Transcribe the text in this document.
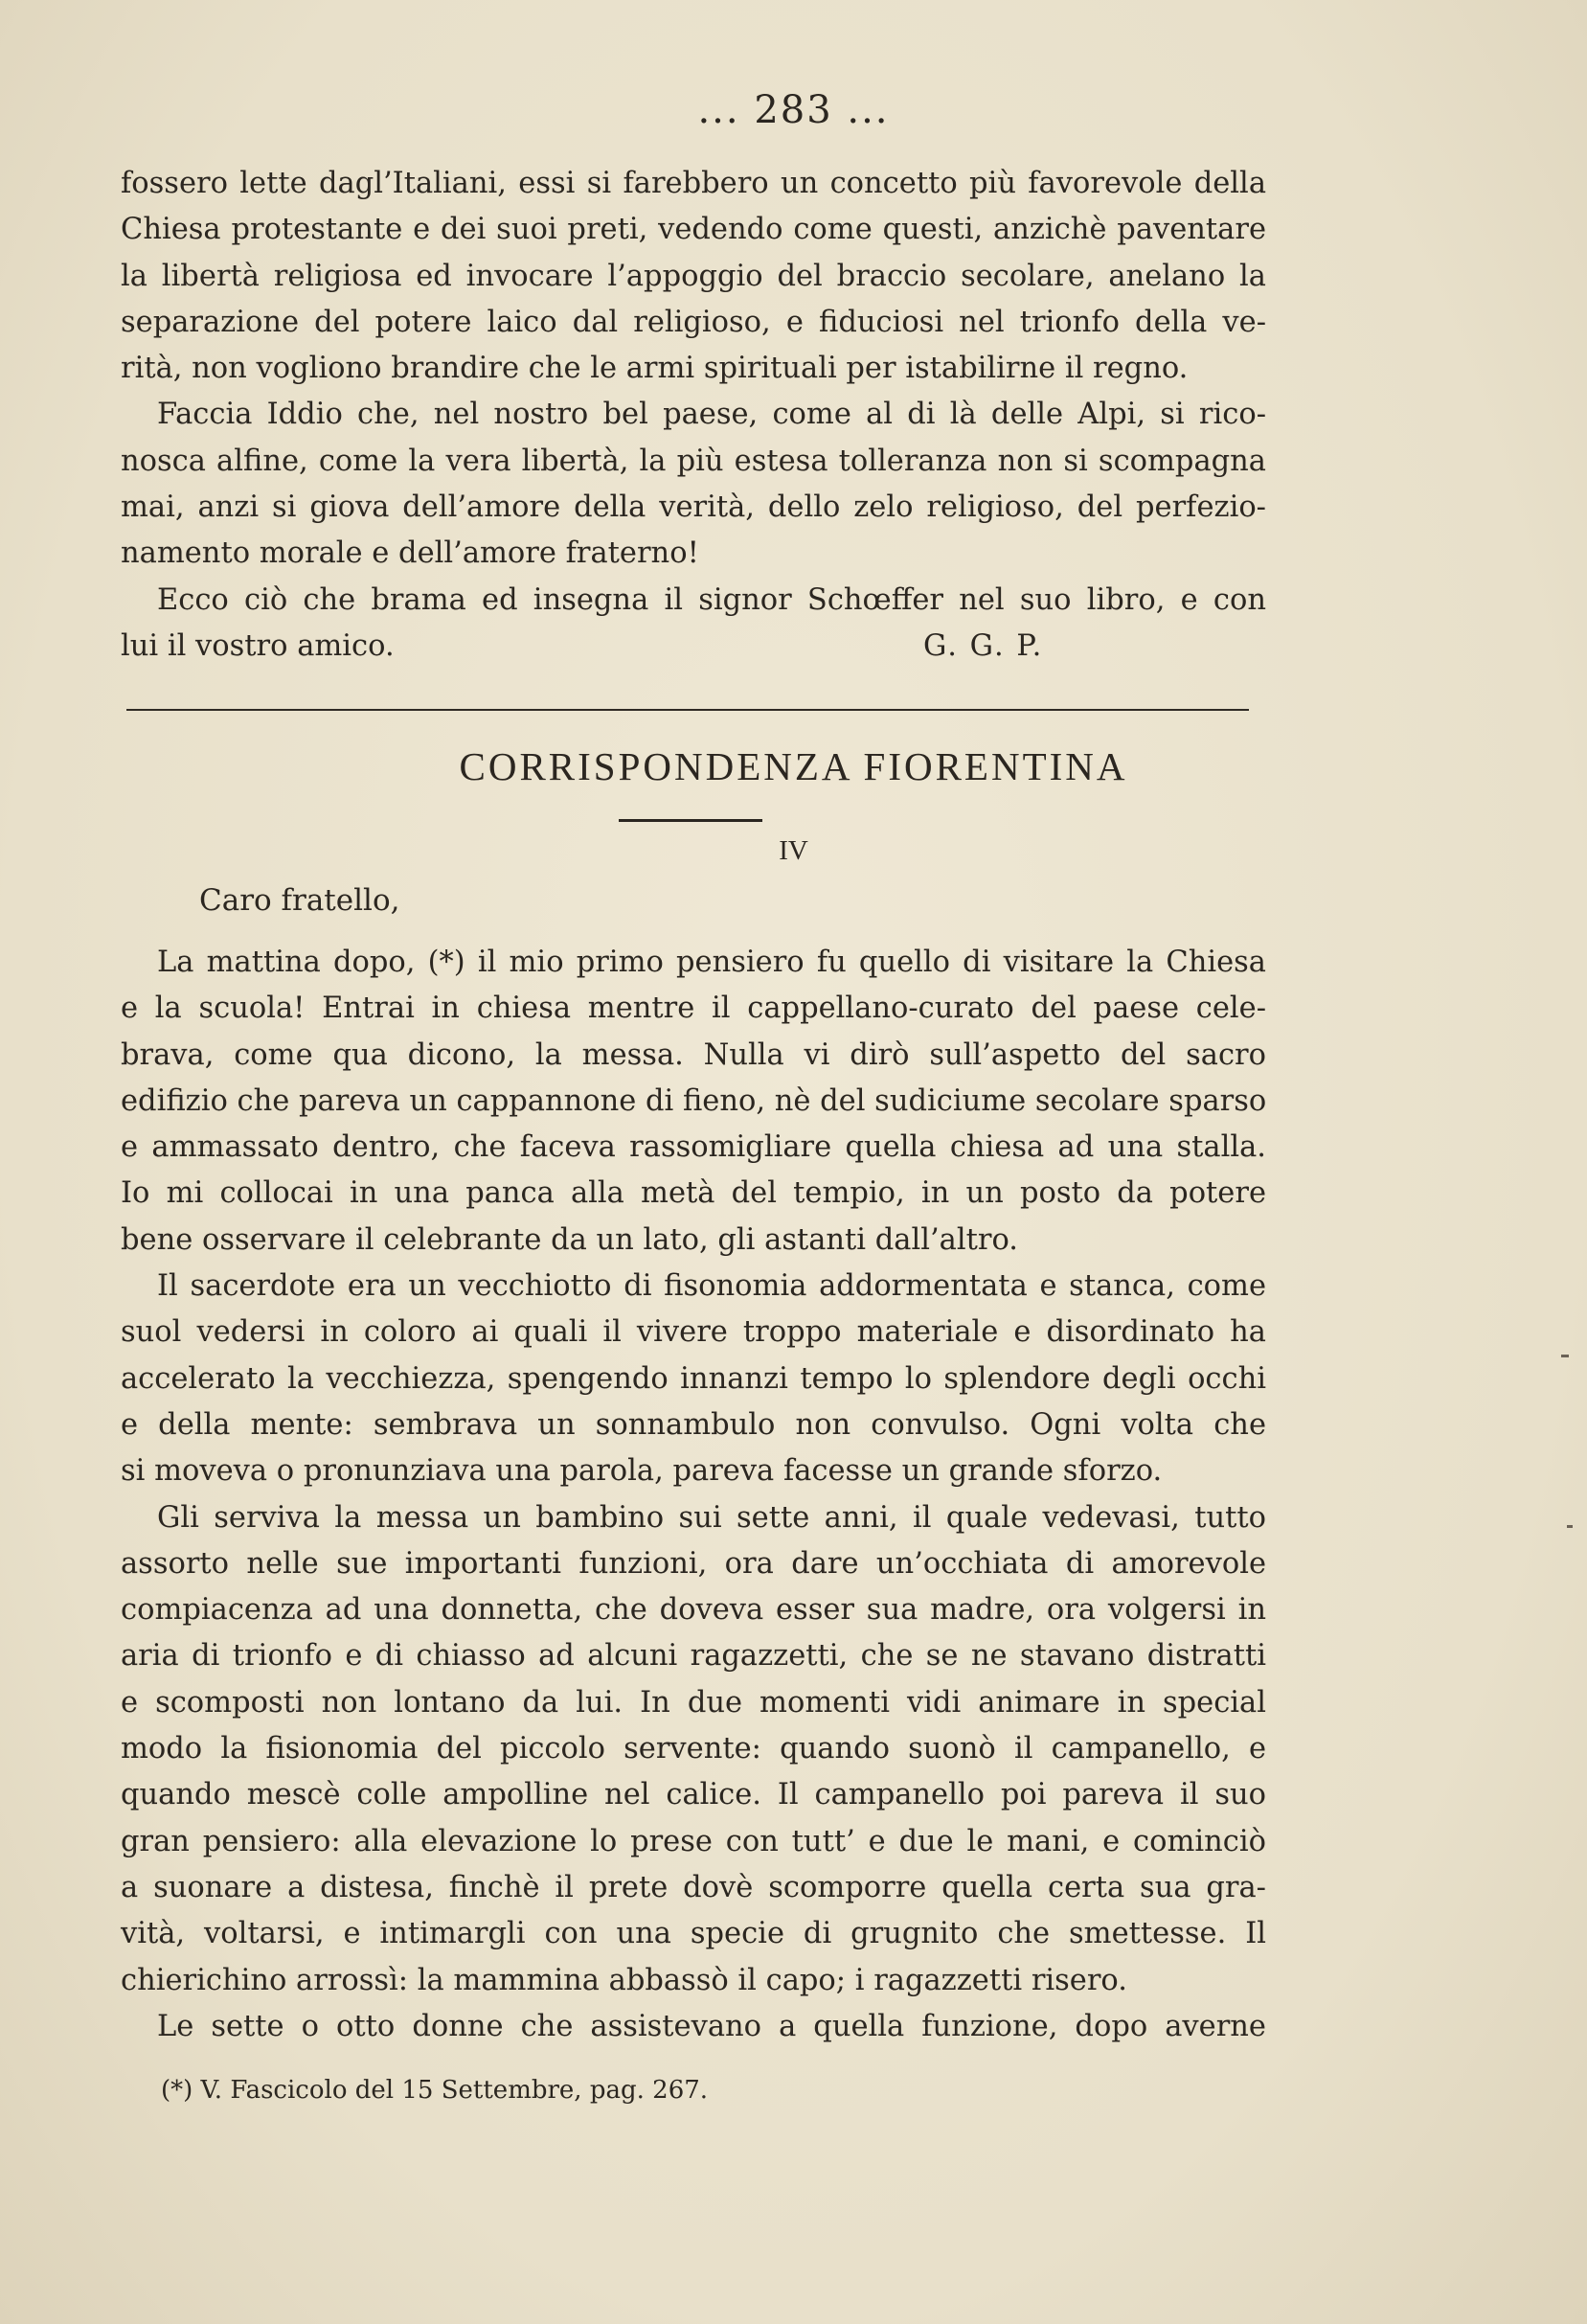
... 283 ...
fossero lette dagl’Italiani, essi si farebbero un concetto più favorevole della
Chiesa protestante e dei suoi preti, vedendo come questi, anzichè paventare
la libertà religiosa ed invocare l’appoggio del braccio secolare, anelano la
separazione del potere laico dal religioso, e fiduciosi nel trionfo della ve-
rità, non vogliono brandire che le armi spirituali per istabilirne il regno.
Faccia Iddio che, nel nostro bel paese, come al di là delle Alpi, si rico-
nosca alfine, come la vera libertà, la più estesa tolleranza non si scompagna
mai, anzi si giova dell’amore della verità, dello zelo religioso, del perfezio-
namento morale e dell’amore fraterno!
Ecco ciò che brama ed insegna il signor Schœffer nel suo libro, e con
lui il vostro amico.	G. G. P.
CORRISPONDENZA FIORENTINA
IV
Caro fratello,
La mattina dopo, (*) il mio primo pensiero fu quello di visitare la Chiesa
e la scuola! Entrai in chiesa mentre il cappellano-curato del paese cele-
brava, come qua dicono, la messa. Nulla vi dirò sull’aspetto del sacro
edifizio che pareva un cappannone di fieno, nè del sudiciume secolare sparso
e ammassato dentro, che faceva rassomigliare quella chiesa ad una stalla.
Io mi collocai in una panca alla metà del tempio, in un posto da potere
bene osservare il celebrante da un lato, gli astanti dall’altro.
Il sacerdote era un vecchiotto di fisonomia addormentata e stanca, come
suol vedersi in coloro ai quali il vivere troppo materiale e disordinato ha
accelerato la vecchiezza, spengendo innanzi tempo lo splendore degli occhi
e della mente: sembrava un sonnambulo non convulso. Ogni volta che
si moveva o pronunziava una parola, pareva facesse un grande sforzo.
Gli serviva la messa un bambino sui sette anni, il quale vedevasi, tutto
assorto nelle sue importanti funzioni, ora dare un’occhiata di amorevole
compiacenza ad una donnetta, che doveva esser sua madre, ora volgersi in
aria di trionfo e di chiasso ad alcuni ragazzetti, che se ne stavano distratti
e scomposti non lontano da lui. In due momenti vidi animare in special
modo la fisionomia del piccolo servente: quando suonò il campanello, e
quando mescè colle ampolline nel calice. Il campanello poi pareva il suo
gran pensiero: alla elevazione lo prese con tutt’ e due le mani, e cominciò
a suonare a distesa, finchè il prete dovè scomporre quella certa sua gra-
vità, voltarsi, e intimargli con una specie di grugnito che smettesse. Il
chierichino arrossì: la mammina abbassò il capo; i ragazzetti risero.
Le sette o otto donne che assistevano a quella funzione, dopo averne
(*) V. Fascicolo del 15 Settembre, pag. 267.
